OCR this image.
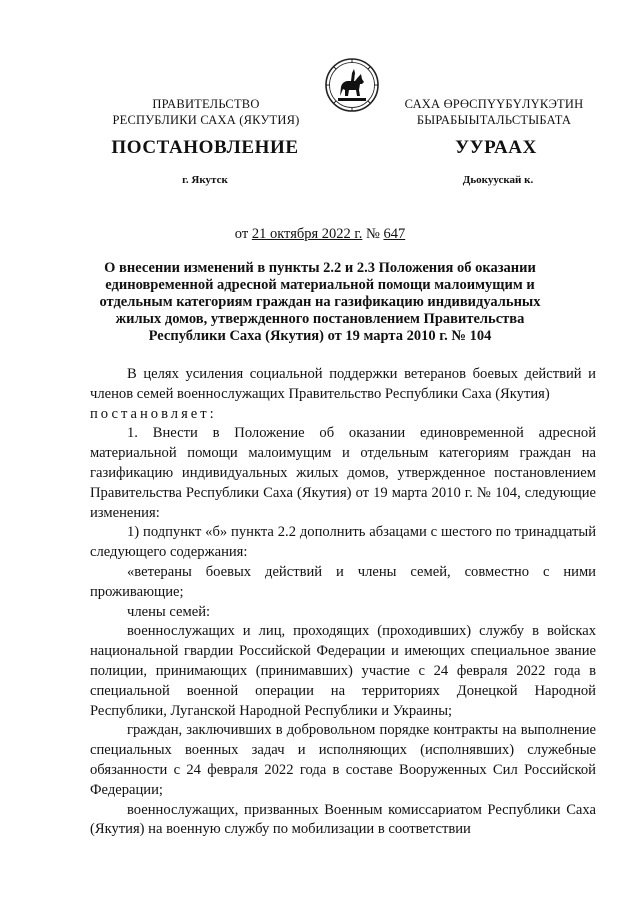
ПРАВИТЕЛЬСТВО
РЕСПУБЛИКИ САХА (ЯКУТИЯ)
САХА ӨРӨСПҮҮБҮЛҮКЭТИН
БЫРАБЫЫТАЛЬСТЫБАТА
ПОСТАНОВЛЕНИЕ	УУРААХ
г. Якутск	Дьокуускай к.
от 21 октября 2022 г. № 647
О внесении изменений в пункты 2.2 и 2.3 Положения об оказании
единовременной адресной материальной помощи малоимущим и
отдельным категориям граждан на газификацию индивидуальных
жилых домов, утвержденного постановлением Правительства
Республики Саха (Якутия) от 19 марта 2010 г. № 104

В целях усиления социальной поддержки ветеранов боевых действий и членов семей военнослужащих Правительство Республики Саха (Якутия)
постановляет:

1. Внести в Положение об оказании единовременной адресной материальной помощи малоимущим и отдельным категориям граждан на газификацию индивидуальных жилых домов, утвержденное постановлением Правительства Республики Саха (Якутия) от 19 марта 2010 г. № 104, следующие изменения:

1) подпункт «б» пункта 2.2 дополнить абзацами с шестого по тринадцатый следующего содержания:

«ветераны боевых действий и члены семей, совместно с ними проживающие;

члены семей:

военнослужащих и лиц, проходящих (проходивших) службу в войсках национальной гвардии Российской Федерации и имеющих специальное звание полиции, принимающих (принимавших) участие с 24 февраля 2022 года в специальной военной операции на территориях Донецкой Народной Республики, Луганской Народной Республики и Украины;

граждан, заключивших в добровольном порядке контракты на выполнение специальных военных задач и исполняющих (исполнявших) служебные обязанности с 24 февраля 2022 года в составе Вооруженных Сил Российской Федерации;

военнослужащих, призванных Военным комиссариатом Республики Саха (Якутия) на военную службу по мобилизации в соответствии
